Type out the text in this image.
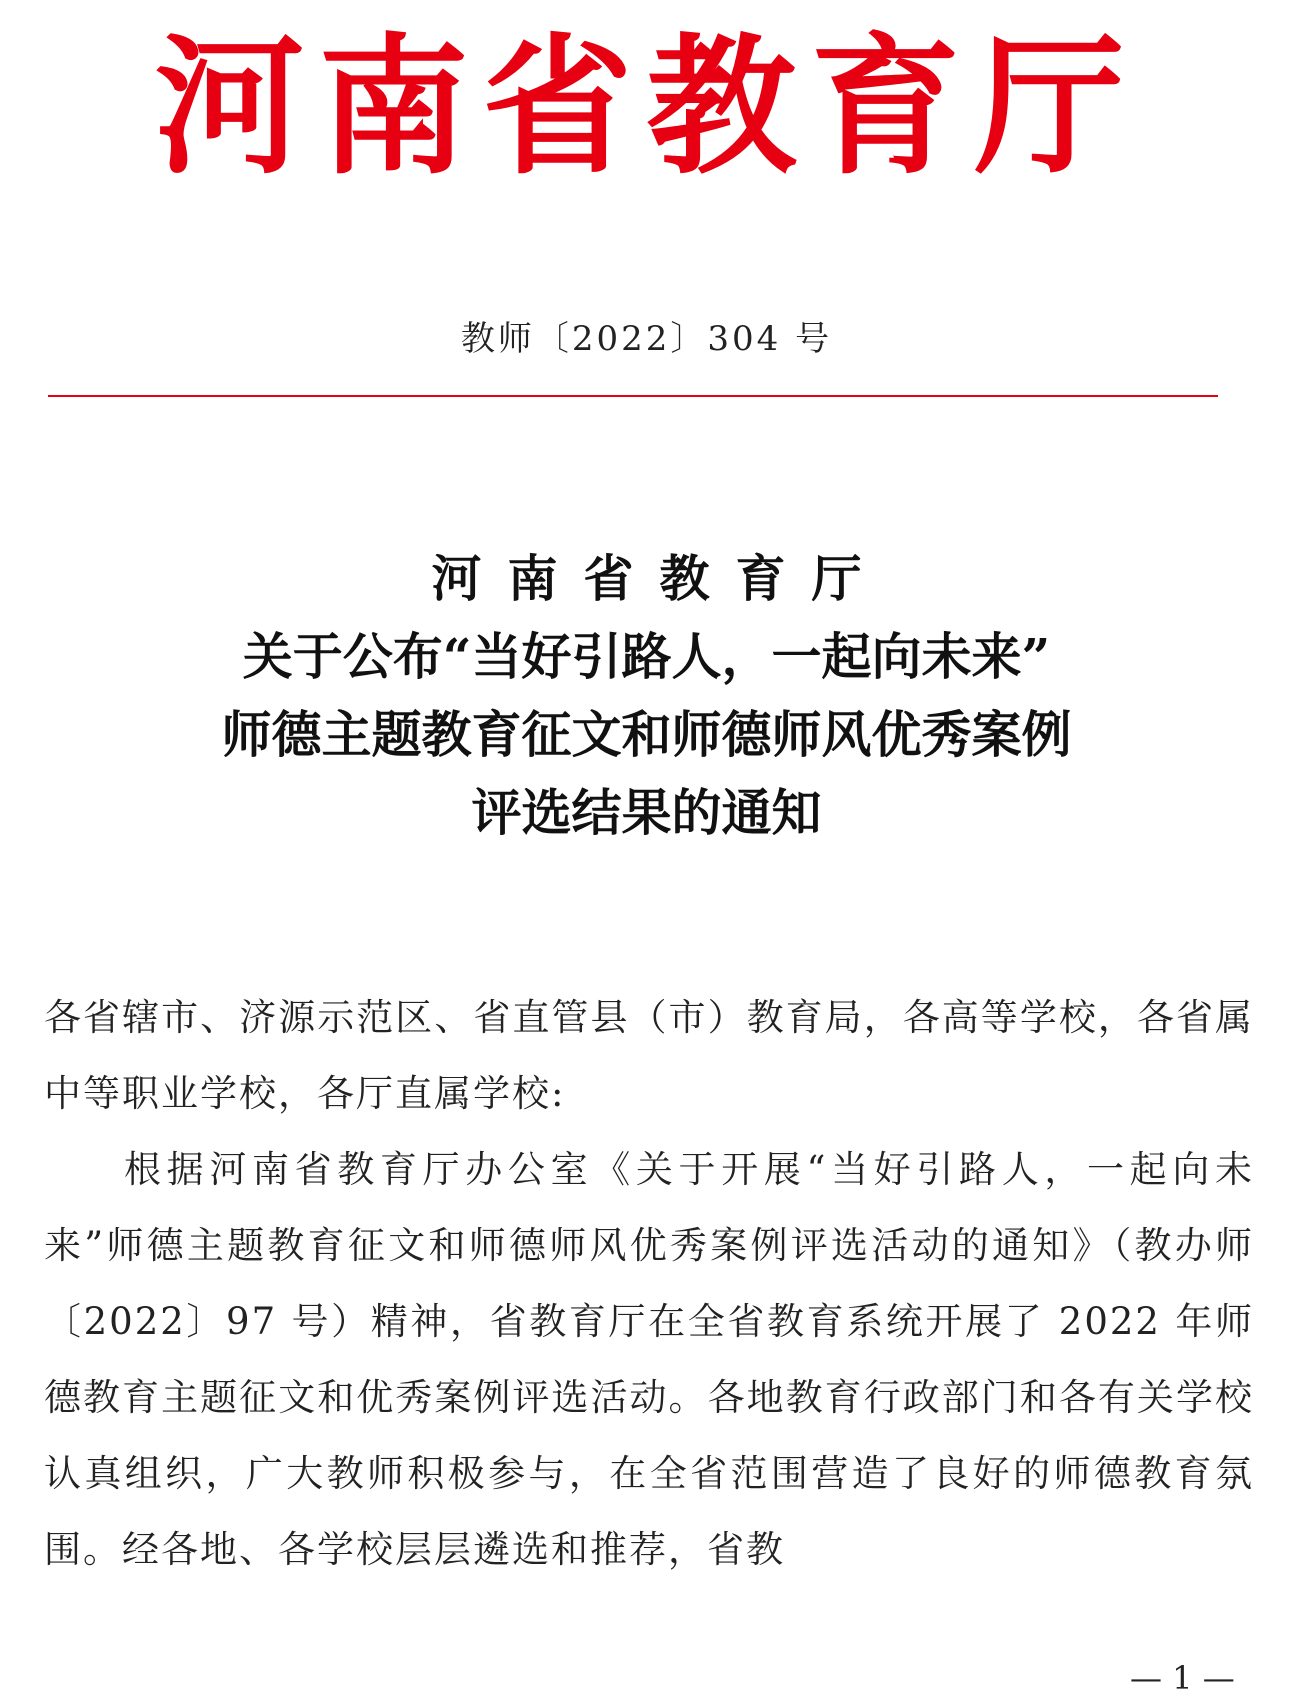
河南省教育厅
教师〔2022〕304 号
河南省教育厅
关于公布“当好引路人，一起向未来”
师德主题教育征文和师德师风优秀案例
评选结果的通知

各省辖市、济源示范区、省直管县（市）教育局，各高等学校，各省属中等职业学校，各厅直属学校:

根据河南省教育厅办公室《关于开展“当好引路人，一起向未来”师德主题教育征文和师德师风优秀案例评选活动的通知》（教办师〔2022〕97 号）精神，省教育厅在全省教育系统开展了 2022 年师德教育主题征文和优秀案例评选活动。各地教育行政部门和各有关学校认真组织，广大教师积极参与，在全省范围营造了良好的师德教育氛围。经各地、各学校层层遴选和推荐，省教

— 1 —
